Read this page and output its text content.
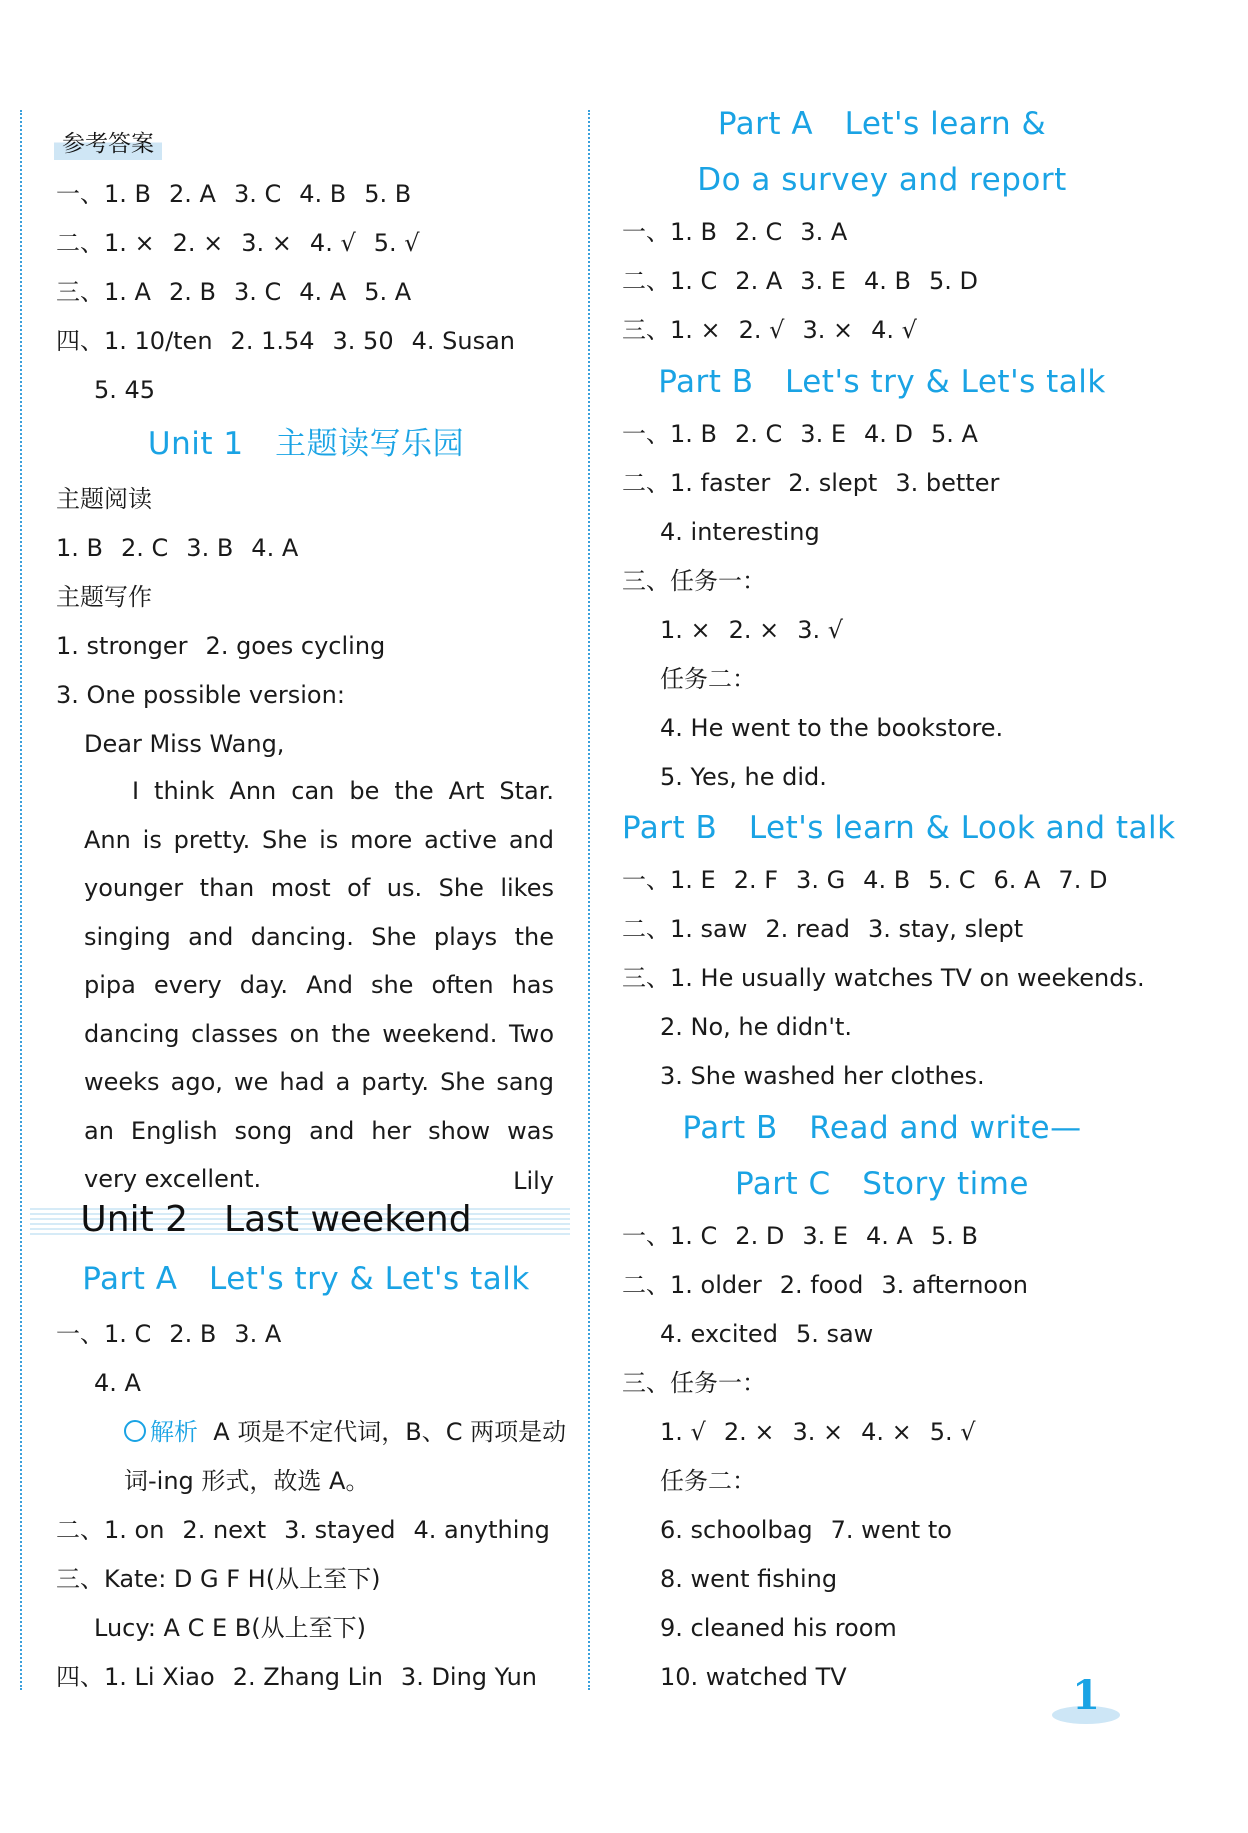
参考答案
一、1. B 2. A 3. C 4. B 5. B
二、1. × 2. × 3. × 4. √ 5. √
三、1. A 2. B 3. C 4. A 5. A
四、1. 10/ten 2. 1.54 3. 50 4. Susan
5. 45
Unit 1　主题读写乐园
主题阅读
1. B 2. C 3. B 4. A
主题写作
1. stronger 2. goes cycling
3. One possible version:
Dear Miss Wang,
I think Ann can be the Art Star. Ann is pretty. She is more active and younger than most of us. She likes singing and dancing. She plays the pipa every day. And she often has dancing classes on the weekend. Two weeks ago, we had a party. She sang an English song and her show was very excellent.	Lily
Unit 2　Last weekend
Part A　Let's try & Let's talk
一、1. C 2. B 3. A
4. A
解析 A 项是不定代词，B、C 两项是动
词-ing 形式，故选 A。
二、1. on 2. next 3. stayed 4. anything
三、Kate: D G F H(从上至下)
Lucy: A C E B(从上至下)
四、1. Li Xiao 2. Zhang Lin 3. Ding Yun
Part A　Let's learn &
Do a survey and report
一、1. B 2. C 3. A
二、1. C 2. A 3. E 4. B 5. D
三、1. × 2. √ 3. × 4. √
Part B　Let's try & Let's talk
一、1. B 2. C 3. E 4. D 5. A
二、1. faster 2. slept 3. better
4. interesting
三、任务一：
1. × 2. × 3. √
任务二：
4. He went to the bookstore.
5. Yes, he did.
Part B　Let's learn & Look and talk
一、1. E 2. F 3. G 4. B 5. C 6. A 7. D
二、1. saw 2. read 3. stay, slept
三、1. He usually watches TV on weekends.
2. No, he didn't.
3. She washed her clothes.
Part B　Read and write—
Part C　Story time
一、1. C 2. D 3. E 4. A 5. B
二、1. older 2. food 3. afternoon
4. excited 5. saw
三、任务一：
1. √ 2. × 3. × 4. × 5. √
任务二：
6. schoolbag 7. went to
8. went fishing
9. cleaned his room
10. watched TV	1
